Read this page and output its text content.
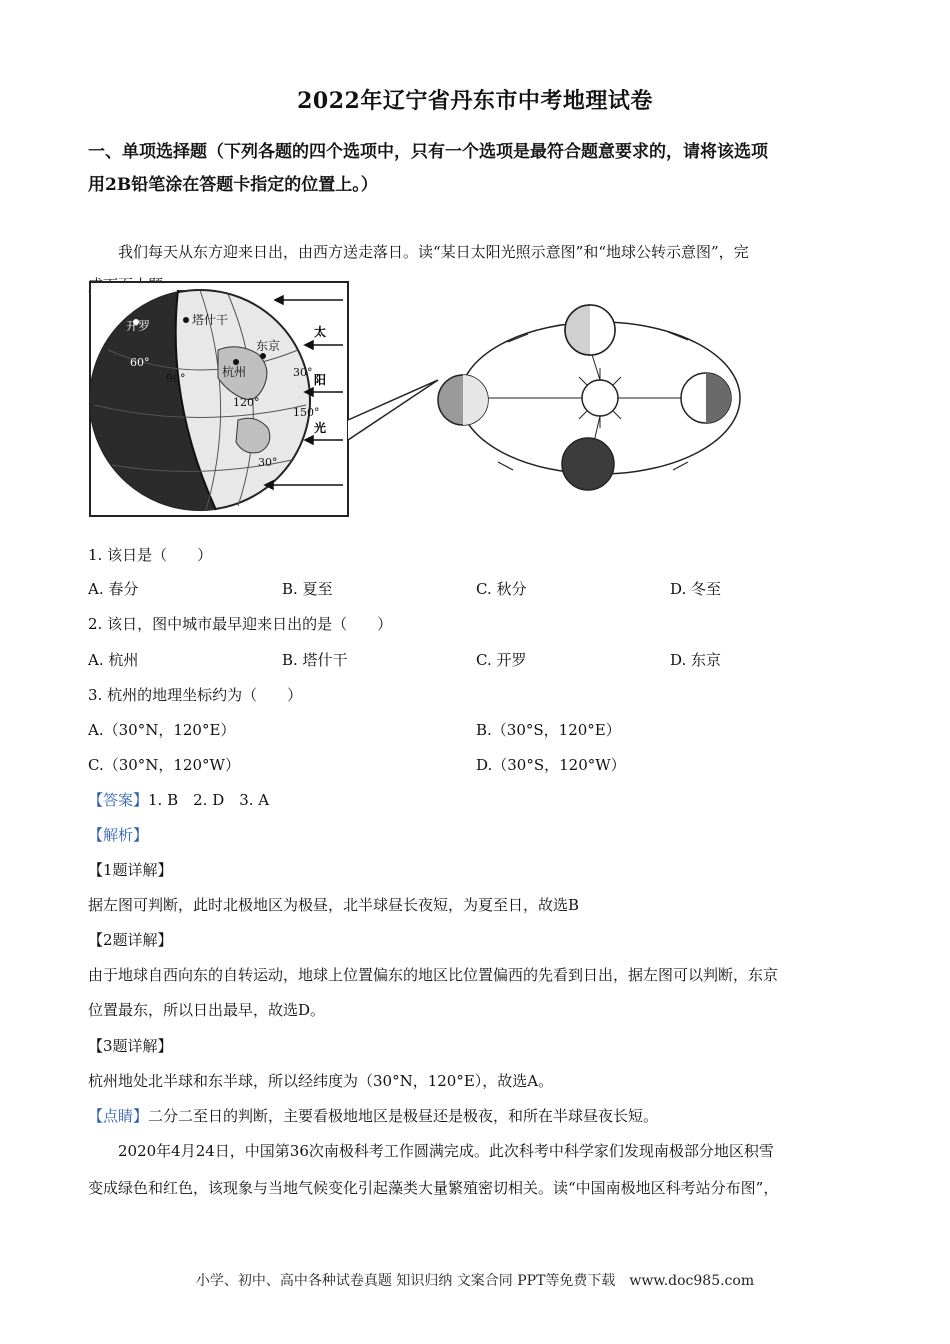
2022年辽宁省丹东市中考地理试卷
一、单项选择题（下列各题的四个选项中，只有一个选项是最符合题意要求的，请将该选项
用2B铅笔涂在答题卡指定的位置上。）
我们每天从东方迎来日出，由西方送走落日。读“某日太阳光照示意图”和“地球公转示意图”，完
开罗	塔什干
东京
杭州
60°
90°	30°
120°
150°
30°
太
阳
光
1. 该日是（　　）
A. 春分	B. 夏至	C. 秋分	D. 冬至
2. 该日，图中城市最早迎来日出的是（　　）
A. 杭州	B. 塔什干	C. 开罗	D. 东京
3. 杭州的地理坐标约为（　　）
A.（30°N，120°E）	B.（30°S，120°E）
C.（30°N，120°W）	D.（30°S，120°W）
【答案】1. B　2. D　3. A
【解析】
【1题详解】
据左图可判断，此时北极地区为极昼，北半球昼长夜短，为夏至日，故选B
【2题详解】
由于地球自西向东的自转运动，地球上位置偏东的地区比位置偏西的先看到日出，据左图可以判断，东京
位置最东，所以日出最早，故选D。
【3题详解】
杭州地处北半球和东半球，所以经纬度为（30°N，120°E），故选A。
【点睛】二分二至日的判断，主要看极地地区是极昼还是极夜，和所在半球昼夜长短。
2020年4月24日，中国第36次南极科考工作圆满完成。此次科考中科学家们发现南极部分地区积雪
变成绿色和红色，该现象与当地气候变化引起藻类大量繁殖密切相关。读“中国南极地区科考站分布图”，
小学、初中、高中各种试卷真题 知识归纳 文案合同 PPT等免费下载　www.doc985.com
